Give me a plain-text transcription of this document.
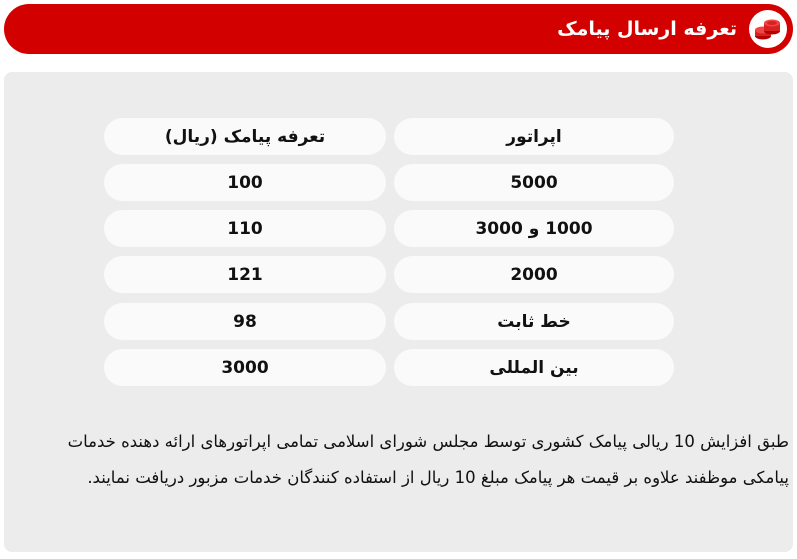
تعرفه ارسال پیامک
اپراتور
تعرفه پیامک (ریال)
5000
100
1000 و 3000
110
2000
121
خط ثابت
98
بین المللی
3000
طبق افزایش 10 ریالی پیامک کشوری توسط مجلس شورای اسلامی تمامی اپراتورهای ارائه دهنده خدمات پیامکی موظفند علاوه بر قیمت هر پیامک مبلغ 10 ریال از استفاده کنندگان خدمات مزبور دریافت نمایند.
